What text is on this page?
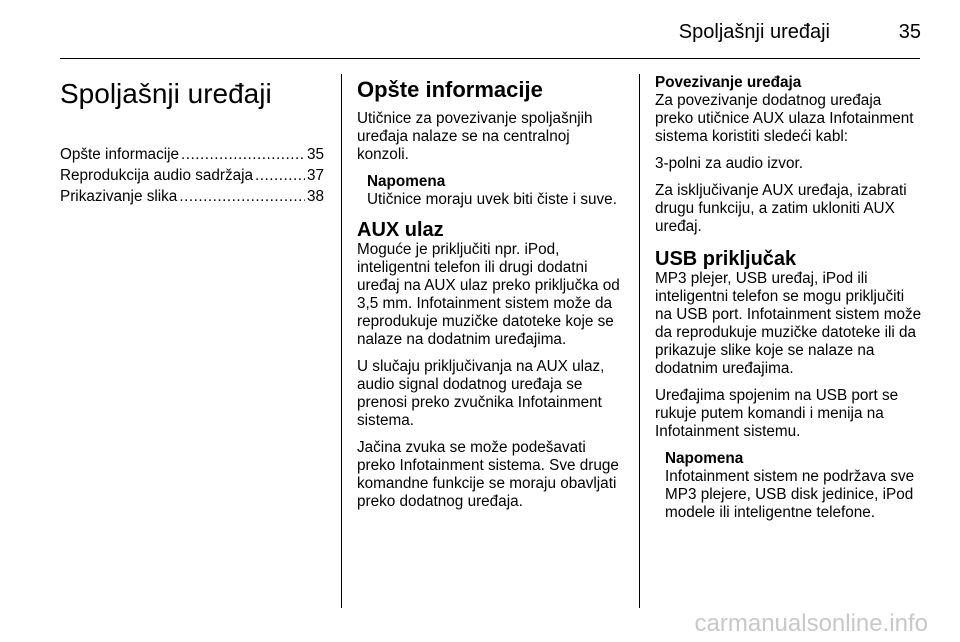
Spoljašnji uređaji	35
Spoljašnji uređaji
Opšte informacije .....	35
Reprodukcija audio sadržaja .....	37
Prikazivanje slika .....	38
Opšte informacije

Utičnice za povezivanje spoljašnjih uređaja nalaze se na centralnoj konzoli.

Napomena
Utičnice moraju uvek biti čiste i suve.
AUX ulaz

Moguće je priključiti npr. iPod, inteligentni telefon ili drugi dodatni uređaj na AUX ulaz preko priključka od 3,5 mm. Infotainment sistem može da reprodukuje muzičke datoteke koje se nalaze na dodatnim uređajima.

U slučaju priključivanja na AUX ulaz, audio signal dodatnog uređaja se prenosi preko zvučnika Infotainment sistema.

Jačina zvuka se može podešavati preko Infotainment sistema. Sve druge komandne funkcije se moraju obavljati preko dodatnog uređaja.

Povezivanje uređaja
Za povezivanje dodatnog uređaja preko utičnice AUX ulaza Infotainment sistema koristiti sledeći kabl:

3-polni za audio izvor.

Za isključivanje AUX uređaja, izabrati drugu funkciju, a zatim ukloniti AUX uređaj.

USB priključak

MP3 plejer, USB uređaj, iPod ili inteligentni telefon se mogu priključiti na USB port. Infotainment sistem može da reprodukuje muzičke datoteke ili da prikazuje slike koje se nalaze na dodatnim uređajima.

Uređajima spojenim na USB port se rukuje putem komandi i menija na Infotainment sistemu.

Napomena
Infotainment sistem ne podržava sve MP3 plejere, USB disk jedinice, iPod modele ili inteligentne telefone.
carmanualsonline.info
